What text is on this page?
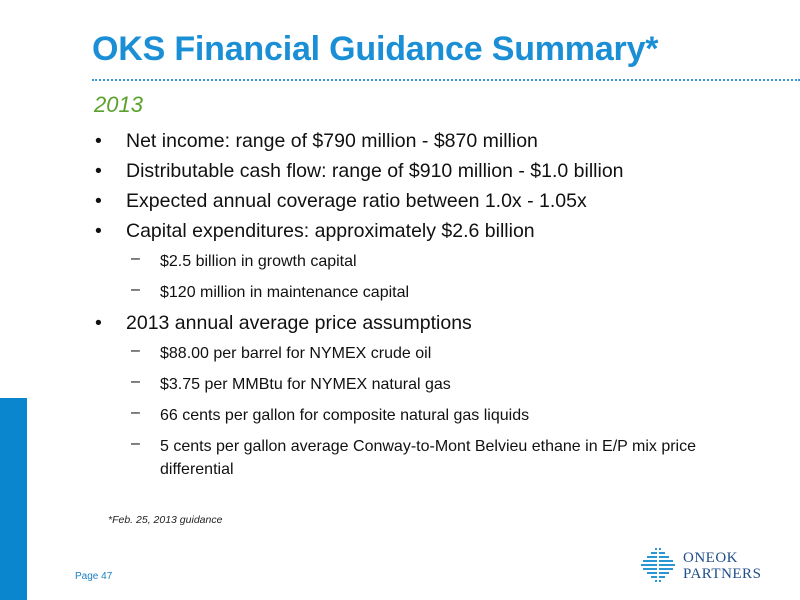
OKS Financial Guidance Summary*
2013
•	Net income: range of $790 million - $870 million
•	Distributable cash flow: range of $910 million - $1.0 billion
•	Expected annual coverage ratio between 1.0x - 1.05x
•	Capital expenditures: approximately $2.6 billion
–	$2.5 billion in growth capital
–	$120 million in maintenance capital
•	2013 annual average price assumptions
–	$88.00 per barrel for NYMEX crude oil
–	$3.75 per MMBtu for NYMEX natural gas
–	66 cents per gallon for composite natural gas liquids
–	5 cents per gallon average Conway-to-Mont Belvieu ethane in E/P mix price differential
*Feb. 25, 2013 guidance
Page 47
ONEOK
PARTNERS
